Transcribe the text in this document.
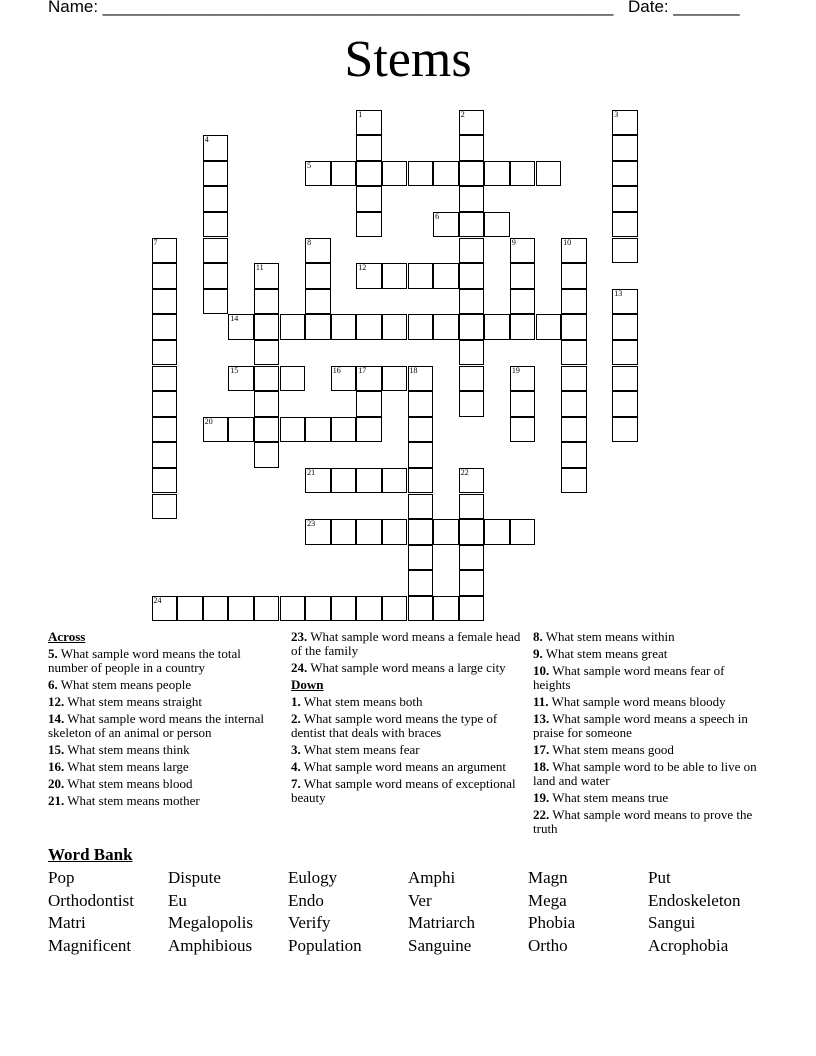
Name: ______________________________________________________ Date: _______
Stems
5
12
14
15	16
20
21
23
24
1	2	3
4
7	8	9	10
11
13
17	18	19
22
6
Across
5. What sample word means the total number of people in a country
6. What stem means people
12. What stem means straight
14. What sample word means the internal skeleton of an animal or person
15. What stem means think
16. What stem means large
20. What stem means blood
21. What stem means mother
23. What sample word means a female head of the family
24. What sample word means a large city
Down
1. What stem means both
2. What sample word means the type of dentist that deals with braces
3. What stem means fear
4. What sample word means an argument
7. What sample word means of exceptional beauty
8. What stem means within
9. What stem means great
10. What sample word means fear of heights
11. What sample word means bloody
13. What sample word means a speech in praise for someone
17. What stem means good
18. What sample word to be able to live on land and water
19. What stem means true
22. What sample word means to prove the truth
Word Bank
Pop	Dispute	Eulogy	Amphi	Magn	Put
Orthodontist	Eu	Endo	Ver	Mega	Endoskeleton
Matri	Megalopolis	Verify	Matriarch	Phobia	Sangui
Magnificent	Amphibious	Population	Sanguine	Ortho	Acrophobia
